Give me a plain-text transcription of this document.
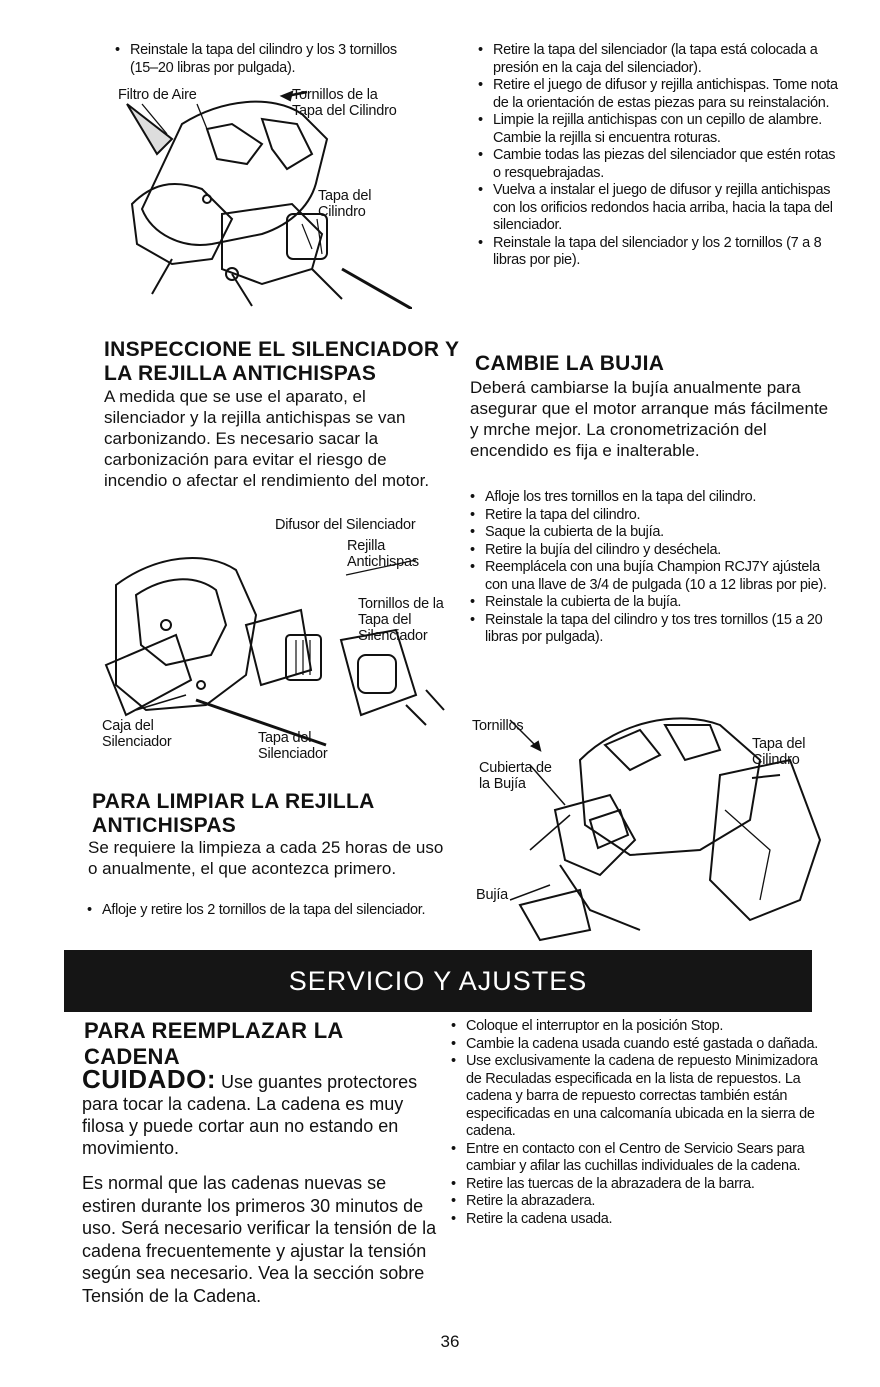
• Reinstale la tapa del cilindro y los 3 tornillos (15–20 libras por pulgada).
Filtro de Aire	Tornillos de la Tapa del Cilindro
Tapa del Cilindro
INSPECCIONE EL SILENCIADOR Y LA REJILLA ANTICHISPAS
A medida que se use el aparato, el silenciador y la rejilla antichispas se van carbonizando. Es necesario sacar la carbonización para evitar el riesgo de incendio o afectar el rendimiento del motor.
Difusor del Silenciador
Rejilla Antichispas
Tornillos de la Tapa del Silenciador
Caja del Silenciador	Tapa del Silenciador
PARA LIMPIAR LA REJILLA ANTICHISPAS
Se requiere la limpieza a cada 25 horas de uso o anualmente, el que acontezca primero.
• Afloje y retire los 2 tornillos de la tapa del silenciador.
• Retire la tapa del silenciador (la tapa está colocada a presión en la caja del silenciador).
• Retire el juego de difusor y rejilla antichispas. Tome nota de la orientación de estas piezas para su reinstalación.
• Limpie la rejilla antichispas con un cepillo de alambre. Cambie la rejilla si encuentra roturas.
• Cambie todas las piezas del silenciador que estén rotas o resquebrajadas.
• Vuelva a instalar el juego de difusor y rejilla antichispas con los orificios redondos hacia arriba, hacia la tapa del silenciador.
• Reinstale la tapa del silenciador y los 2 tornillos (7 a 8 libras por pie).
CAMBIE LA BUJIA
Deberá cambiarse la bujía anualmente para asegurar que el motor arranque más fácilmente y mrche mejor. La cronometrización del encendido es fija e inalterable.
• Afloje los tres tornillos en la tapa del cilindro.
• Retire la tapa del cilindro.
• Saque la cubierta de la bujía.
• Retire la bujía del cilindro y deséchela.
• Reemplácela con una bujía Champion RCJ7Y ajústela con una llave de 3/4 de pulgada (10 a 12 libras por pie).
• Reinstale la cubierta de la bujía.
• Reinstale la tapa del cilindro y tos tres tornillos (15 a 20 libras por pulgada).
Tornillos
Cubierta de la Bujía
Tapa del Cilindro
Bujía
SERVICIO Y AJUSTES
PARA REEMPLAZAR LA CADENA
CUIDADO: Use guantes protectores para tocar la cadena. La cadena es muy filosa y puede cortar aun no estando en movimiento.
Es normal que las cadenas nuevas se estiren durante los primeros 30 minutos de uso. Será necesario verificar la tensión de la cadena frecuentemente y ajustar la tensión según sea necesario. Vea la sección sobre Tensión de la Cadena.
• Coloque el interruptor en la posición Stop.
• Cambie la cadena usada cuando esté gastada o dañada.
• Use exclusivamente la cadena de repuesto Minimizadora de Reculadas especificada en la lista de repuestos. La cadena y barra de repuesto correctas también están especificadas en una calcomanía ubicada en la sierra de cadena.
• Entre en contacto con el Centro de Servicio Sears para cambiar y afilar las cuchillas individuales de la cadena.
• Retire las tuercas de la abrazadera de la barra.
• Retire la abrazadera.
• Retire la cadena usada.
36
